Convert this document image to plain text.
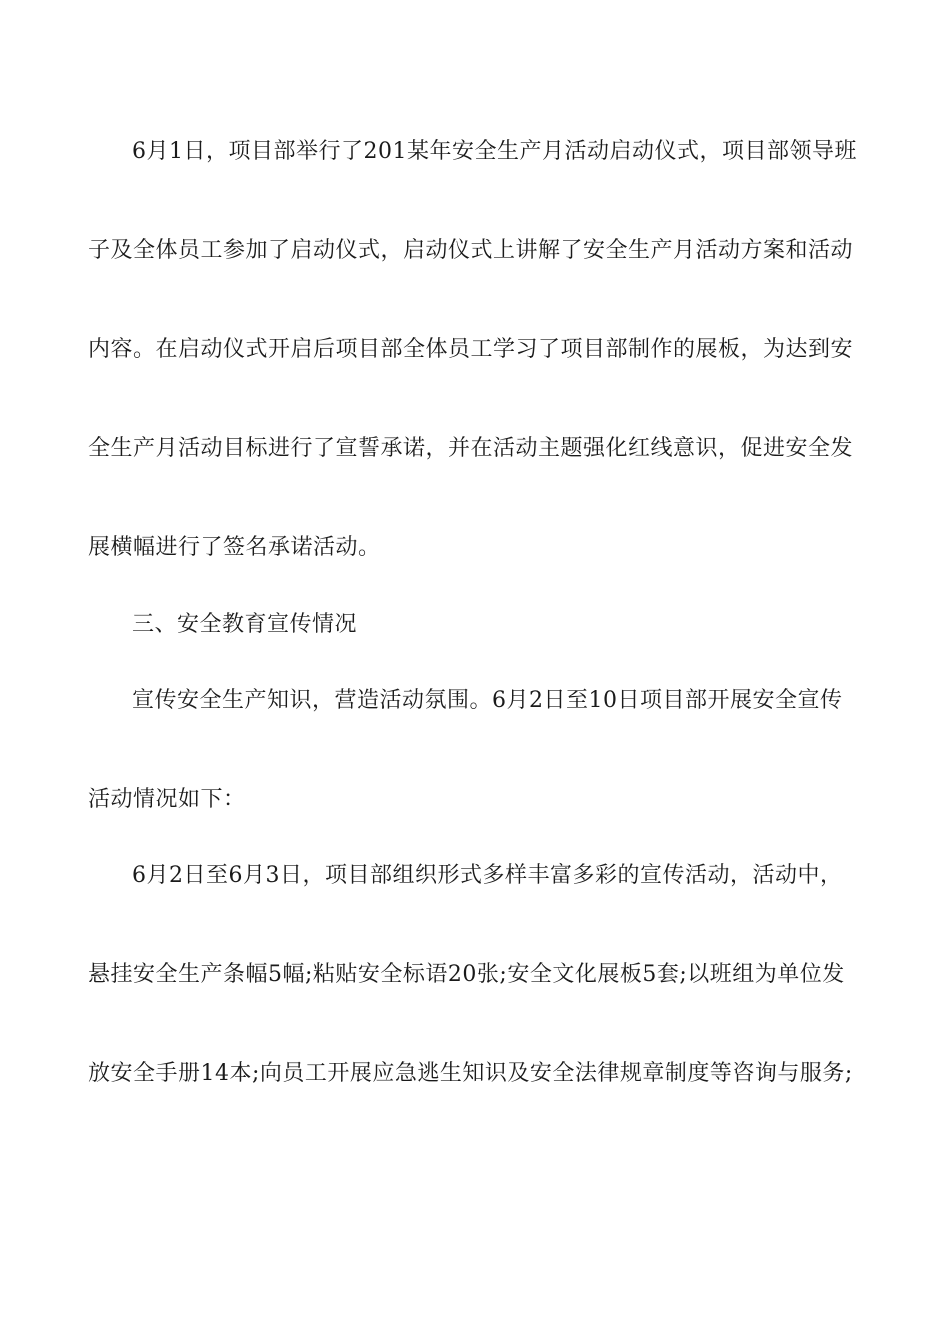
6月1日，项目部举行了201某年安全生产月活动启动仪式，项目部领导班
子及全体员工参加了启动仪式，启动仪式上讲解了安全生产月活动方案和活动
内容。在启动仪式开启后项目部全体员工学习了项目部制作的展板，为达到安
全生产月活动目标进行了宣誓承诺，并在活动主题强化红线意识，促进安全发
展横幅进行了签名承诺活动。
三、安全教育宣传情况
宣传安全生产知识，营造活动氛围。6月2日至10日项目部开展安全宣传
活动情况如下：
6月2日至6月3日，项目部组织形式多样丰富多彩的宣传活动，活动中，
悬挂安全生产条幅5幅;粘贴安全标语20张;安全文化展板5套;以班组为单位发
放安全手册14本;向员工开展应急逃生知识及安全法律规章制度等咨询与服务;
